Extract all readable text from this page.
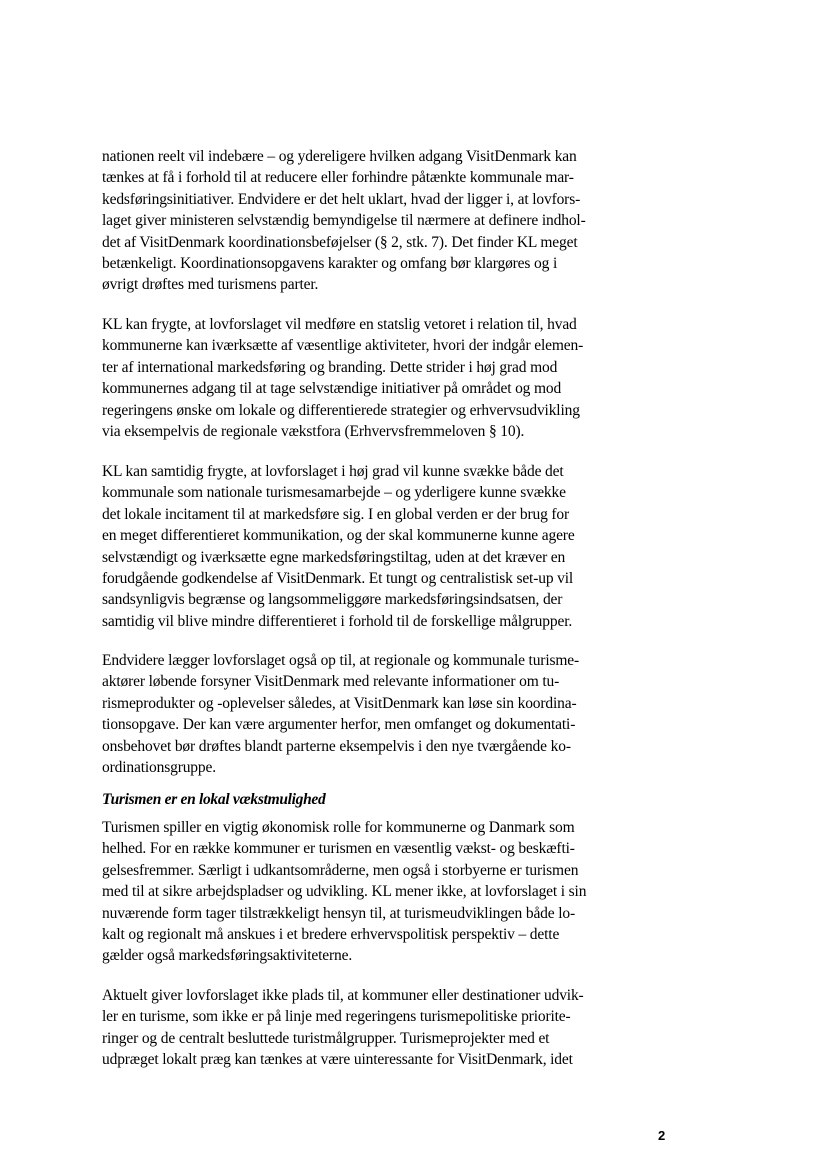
nationen reelt vil indebære – og ydereligere hvilken adgang VisitDenmark kan
tænkes at få i forhold til at reducere eller forhindre påtænkte kommunale mar-
kedsføringsinitiativer. Endvidere er det helt uklart, hvad der ligger i, at lovfors-
laget giver ministeren selvstændig bemyndigelse til nærmere at definere indhol-
det af VisitDenmark koordinationsbeføjelser (§ 2, stk. 7). Det finder KL meget
betænkeligt. Koordinationsopgavens karakter og omfang bør klargøres og i
øvrigt drøftes med turismens parter.
KL kan frygte, at lovforslaget vil medføre en statslig vetoret i relation til, hvad
kommunerne kan iværksætte af væsentlige aktiviteter, hvori der indgår elemen-
ter af international markedsføring og branding. Dette strider i høj grad mod
kommunernes adgang til at tage selvstændige initiativer på området og mod
regeringens ønske om lokale og differentierede strategier og erhvervsudvikling
via eksempelvis de regionale vækstfora (Erhvervsfremmeloven § 10).
KL kan samtidig frygte, at lovforslaget i høj grad vil kunne svække både det
kommunale som nationale turismesamarbejde – og yderligere kunne svække
det lokale incitament til at markedsføre sig. I en global verden er der brug for
en meget differentieret kommunikation, og der skal kommunerne kunne agere
selvstændigt og iværksætte egne markedsføringstiltag, uden at det kræver en
forudgående godkendelse af VisitDenmark. Et tungt og centralistisk set-up vil
sandsynligvis begrænse og langsommeliggøre markedsføringsindsatsen, der
samtidig vil blive mindre differentieret i forhold til de forskellige målgrupper.
Endvidere lægger lovforslaget også op til, at regionale og kommunale turisme-
aktører løbende forsyner VisitDenmark med relevante informationer om tu-
rismeprodukter og -oplevelser således, at VisitDenmark kan løse sin koordina-
tionsopgave. Der kan være argumenter herfor, men omfanget og dokumentati-
onsbehovet bør drøftes blandt parterne eksempelvis i den nye tværgående ko-
ordinationsgruppe.
Turismen er en lokal vækstmulighed
Turismen spiller en vigtig økonomisk rolle for kommunerne og Danmark som
helhed. For en række kommuner er turismen en væsentlig vækst- og beskæfti-
gelsesfremmer. Særligt i udkantsområderne, men også i storbyerne er turismen
med til at sikre arbejdspladser og udvikling. KL mener ikke, at lovforslaget i sin
nuværende form tager tilstrækkeligt hensyn til, at turismeudviklingen både lo-
kalt og regionalt må anskues i et bredere erhvervspolitisk perspektiv – dette
gælder også markedsføringsaktiviteterne.
Aktuelt giver lovforslaget ikke plads til, at kommuner eller destinationer udvik-
ler en turisme, som ikke er på linje med regeringens turismepolitiske priorite-
ringer og de centralt besluttede turistmålgrupper. Turismeprojekter med et
udpræget lokalt præg kan tænkes at være uinteressante for VisitDenmark, idet
2
